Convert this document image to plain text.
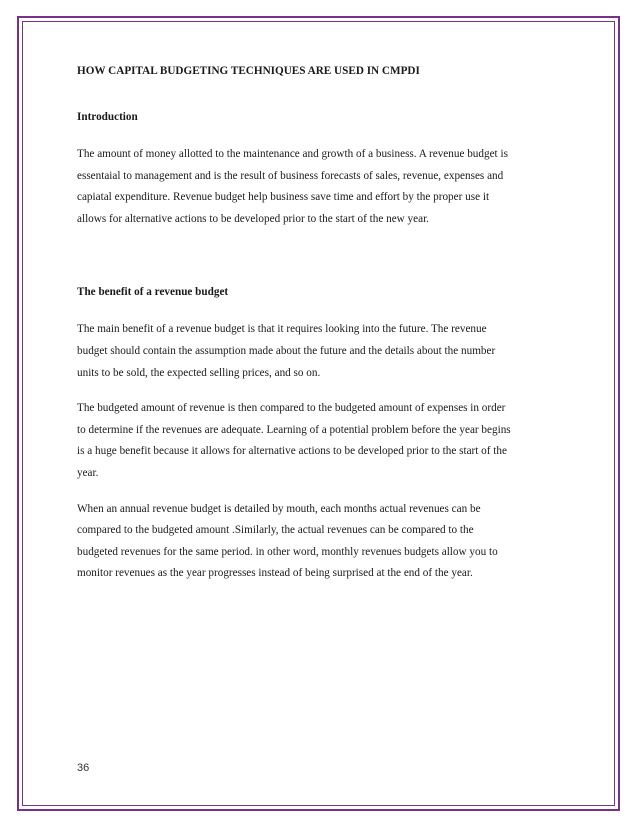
HOW CAPITAL BUDGETING TECHNIQUES ARE USED IN CMPDI
Introduction

The amount of money allotted to the maintenance and growth of a business. A revenue budget is
essentaial to management and is the result of business forecasts of sales, revenue, expenses and
capiatal expenditure. Revenue budget help business save time and effort by the proper use it
allows for alternative actions to be developed prior to the start of the new year.

The benefit of a revenue budget

The main benefit of a revenue budget is that it requires looking into the future. The revenue
budget should contain the assumption made about the future and the details about the number
units to be sold, the expected selling prices, and so on.

The budgeted amount of revenue is then compared to the budgeted amount of expenses in order
to determine if the revenues are adequate. Learning of a potential problem before the year begins
is a huge benefit because it allows for alternative actions to be developed prior to the start of the
year.

When an annual revenue budget is detailed by mouth, each months actual revenues can be
compared to the budgeted amount .Similarly, the actual revenues can be compared to the
budgeted revenues for the same period. in other word, monthly revenues budgets allow you to
monitor revenues as the year progresses instead of being surprised at the end of the year.

36
